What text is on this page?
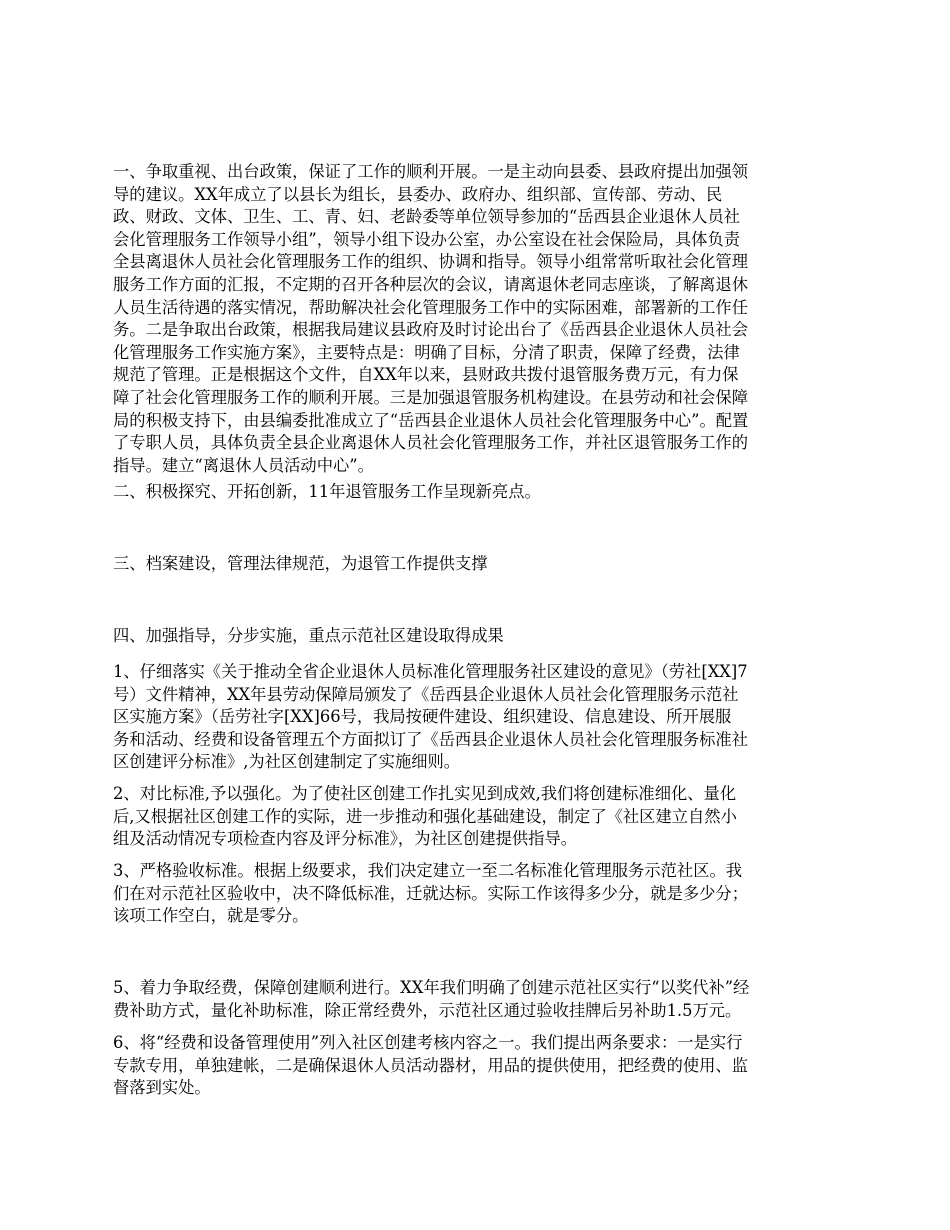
一、争取重视、出台政策，保证了工作的顺利开展。一是主动向县委、县政府提出加强领
导的建议。XX年成立了以县长为组长，县委办、政府办、组织部、宣传部、劳动、民
政、财政、文体、卫生、工、青、妇、老龄委等单位领导参加的“岳西县企业退休人员社
会化管理服务工作领导小组”，领导小组下设办公室，办公室设在社会保险局，具体负责
全县离退休人员社会化管理服务工作的组织、协调和指导。领导小组常常听取社会化管理
服务工作方面的汇报，不定期的召开各种层次的会议，请离退休老同志座谈，了解离退休
人员生活待遇的落实情况，帮助解决社会化管理服务工作中的实际困难，部署新的工作任
务。二是争取出台政策，根据我局建议县政府及时讨论出台了《岳西县企业退休人员社会
化管理服务工作实施方案》，主要特点是：明确了目标，分清了职责，保障了经费，法律
规范了管理。正是根据这个文件，自XX年以来，县财政共拨付退管服务费万元，有力保
障了社会化管理服务工作的顺利开展。三是加强退管服务机构建设。在县劳动和社会保障
局的积极支持下，由县编委批准成立了“岳西县企业退休人员社会化管理服务中心”。配置
了专职人员，具体负责全县企业离退休人员社会化管理服务工作，并社区退管服务工作的
指导。建立“离退休人员活动中心”。

二、积极探究、开拓创新，11年退管服务工作呈现新亮点。

三、档案建设，管理法律规范，为退管工作提供支撑

四、加强指导，分步实施，重点示范社区建设取得成果

1、仔细落实《关于推动全省企业退休人员标准化管理服务社区建设的意见》（劳社[XX]7
号）文件精神，XX年县劳动保障局颁发了《岳西县企业退休人员社会化管理服务示范社
区实施方案》（岳劳社字[XX]66号，我局按硬件建设、组织建设、信息建设、所开展服
务和活动、经费和设备管理五个方面拟订了《岳西县企业退休人员社会化管理服务标准社
区创建评分标准》,为社区创建制定了实施细则。

2、对比标准,予以强化。为了使社区创建工作扎实见到成效,我们将创建标准细化、量化
后,又根据社区创建工作的实际，进一步推动和强化基础建设，制定了《社区建立自然小
组及活动情况专项检查内容及评分标准》，为社区创建提供指导。

3、严格验收标准。根据上级要求，我们决定建立一至二名标准化管理服务示范社区。我
们在对示范社区验收中，决不降低标准，迁就达标。实际工作该得多少分，就是多少分；
该项工作空白，就是零分。

5、着力争取经费，保障创建顺利进行。XX年我们明确了创建示范社区实行“以奖代补”经
费补助方式，量化补助标准，除正常经费外，示范社区通过验收挂牌后另补助1.5万元。

6、将“经费和设备管理使用”列入社区创建考核内容之一。我们提出两条要求：一是实行
专款专用，单独建帐，二是确保退休人员活动器材，用品的提供使用，把经费的使用、监
督落到实处。
